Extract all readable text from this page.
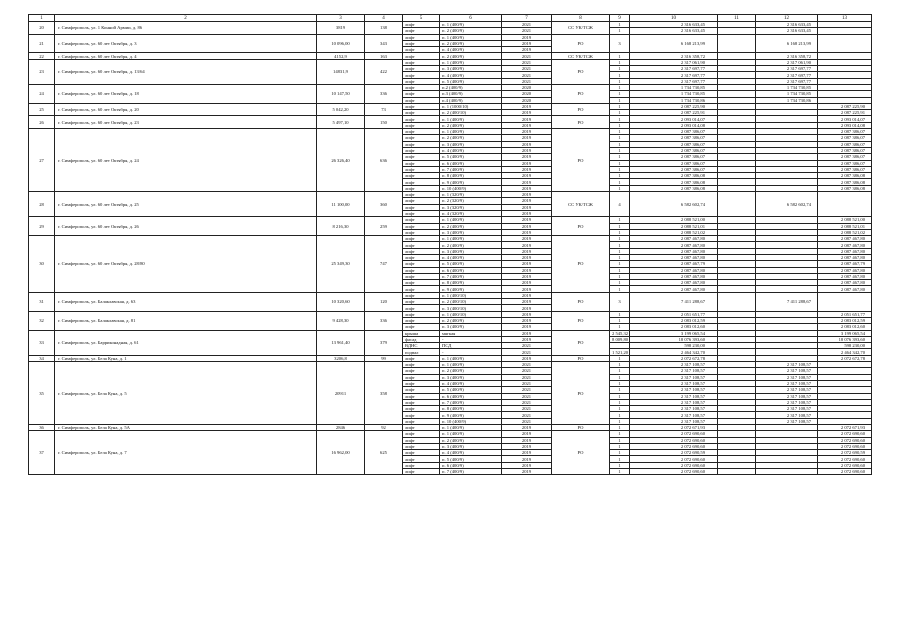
1	2	3	4	5	6	7	8	9	10	11	12	13
20	г. Симферополь, ул. 1 Конной Армии, д. 86	3819	138	лифт	п. 1 (400/9)	2021	СС УК/ТСЖ	1	2 316 633,45		2 316 633,45	
				лифт	п. 2 (400/9)	2021		1	2 316 633,45		2 316 633,45	
21	г. Симферополь, ул. 60 лет Октября, д. 3	10 096,00	343	лифт	п. 1 (400/9)	2019	РО	3	6 168 213,99		6 168 213,99	
				лифт	п. 2 (400/9)	2019						
				лифт	п. 4 (400/9)	2019						
22	г. Симферополь, ул. 60 лет Октября, д. 4	4152,9	163	лифт	п. 2 (400/9)	2021	СС УК/ТСЖ	1	2 316 358,72		2 316 358,72	
23	г. Симферополь, ул. 60 лет Октября, д. 13/64	14831,9	422	лифт	п. 1 (400/9)	2021	РО	1	2 317 061,90		2 317 061,90	
				лифт	п. 3 (400/9)	2021		1	2 317 697,77		2 317 697,77	
				лифт	п. 4 (400/9)	2021		1	2 317 697,77		2 317 697,77	
				лифт	п. 5 (400/9)	2021		1	2 317 697,77		2 317 697,77	
24	г. Симферополь, ул. 60 лет Октября, д. 18	10 147,50	336	лифт	п.2 (400/9)	2020	РО	1	1 734 730,85		1 734 730,85	
				лифт	п.3 (400/9)	2020		1	1 734 730,85		1 734 730,85	
				лифт	п.4 (400/9)	2020		1	1 734 730,86		1 734 730,86	
25	г. Симферополь, ул. 60 лет Октября, д. 20	5 042,20	73	лифт	п. 1 (1000/10)	2019	РО	1	2 087 225,90			2 087 225,90
				лифт	п. 2 (400/10)	2019		1	2 087 225,91			2 087 225,91
26	г. Симферополь, ул. 60 лет Октября, д. 23	5 497,10	150	лифт	п. 1 (400/9)	2019	РО	1	2 093 014,07			2 093 014,07
				лифт	п. 2 (400/9)	2019		1	2 093 014,08			2 093 014,08
27	г. Симферополь, ул. 60 лет Октября, д. 24	26 326,40	636	лифт	п. 1 (400/9)	2019	РО	1	2 087 386,07			2 087 386,07
				лифт	п. 2 (400/9)	2019		1	2 087 386,07			2 087 386,07
				лифт	п. 3 (400/9)	2019		1	2 087 386,07			2 087 386,07
				лифт	п. 4 (400/9)	2019		1	2 087 386,07			2 087 386,07
				лифт	п. 5 (400/9)	2019		1	2 087 386,07			2 087 386,07
				лифт	п. 6 (400/9)	2019		1	2 087 386,07			2 087 386,07
				лифт	п. 7 (400/9)	2019		1	2 087 386,07			2 087 386,07
				лифт	п. 8 (400/9)	2019		1	2 087 386,08			2 087 386,08
				лифт	п. 9 (400/9)	2019		1	2 087 386,08			2 087 386,08
				лифт	п. 10 (400/9)	2019		1	2 087 386,08			2 087 386,08
28	г. Симферополь, ул. 60 лет Октября, д. 25	11 100,00	360	лифт	п. 1 (320/9)	2019	СС УК/ТСЖ	4	6 582 602,74		6 582 602,74	
				лифт	п. 2 (320/9)	2019						
				лифт	п. 3 (320/9)	2019						
				лифт	п. 4 (320/9)	2019						
29	г. Симферополь, ул. 60 лет Октября, д. 26	8 216,30	259	лифт	п. 1 (400/9)	2019	РО	1	2 088 521,00			2 088 521,00
				лифт	п. 2 (400/9)	2019		1	2 088 521,01			2 088 521,01
				лифт	п. 3 (400/9)	2019		1	2 088 521,02			2 088 521,02
30	г. Симферополь, ул. 60 лет Октября, д. 28/80	25 349,30	747	лифт	п. 1 (400/9)	2019	РО	1	2 087 467,80			2 087 467,80
				лифт	п. 2 (400/9)	2019		1	2 087 467,80			2 087 467,80
				лифт	п. 3 (400/9)	2019		1	2 087 467,80			2 087 467,80
				лифт	п. 4 (400/9)	2019		1	2 087 467,80			2 087 467,80
				лифт	п. 5 (400/9)	2019		1	2 087 467,79			2 087 467,79
				лифт	п. 6 (400/9)	2019		1	2 087 467,80			2 087 467,80
				лифт	п. 7 (400/9)	2019		1	2 087 467,80			2 087 467,80
				лифт	п. 8 (400/9)	2019		1	2 087 467,80			2 087 467,80
				лифт	п. 9 (400/9)	2019		1	2 087 467,80			2 087 467,80
31	г. Симферополь, ул. Балаклавская, д. 63	10 320,60	120	лифт	п. 1 (400/10)	2019	РО	3	7 411 288,67		7 411 288,67	
				лифт	п. 2 (400/10)	2019						
				лифт	п. 3 (400/10)	2019						
32	г. Симферополь, ул. Балаклавская, д. 81	9 428,30	336	лифт	п. 1 (400/10)	2019	РО	1	2 051 651,77			2 051 651,77
				лифт	п. 2 (400/9)	2019		1	2 083 012,59			2 083 012,59
				лифт	п. 3 (400/9)	2019		1	2 083 012,60			2 083 012,60
33	г. Симферополь, ул. Барриконадная, д. 61	13 961,40	379	крыша	мягкая	2019	РО	2 545,32	3 199 065,54			3 199 065,54
				фасад	-	2019		8 009,80	18 076 393,60			18 076 393,60
				ВДНС	ПСД	2021			598 230,00			598 230,00
				подвал	-	2021		1 521,20	2 464 342,70			2 464 342,70
34	г. Симферополь, ул. Бела Куна, д. 1	3206,8	99	лифт	п. 1 (400/9)	2019	РО	1	2 072 672,78			2 072 672,78
35	г. Симферополь, ул. Бела Куна, д. 5	20911	358	лифт	п. 1 (400/9)	2021	РО	1	2 317 108,57		2 317 108,57	
				лифт	п. 2 (400/9)	2021		1	2 317 108,57		2 317 108,57	
				лифт	п. 3 (400/9)	2021		1	2 317 108,57		2 317 108,57	
				лифт	п. 4 (400/9)	2021		1	2 317 108,57		2 317 108,57	
				лифт	п. 5 (400/9)	2021		1	2 317 108,57		2 317 108,57	
				лифт	п. 6 (400/9)	2021		1	2 317 108,57		2 317 108,57	
				лифт	п. 7 (400/9)	2021		1	2 317 108,57		2 317 108,57	
				лифт	п. 8 (400/9)	2021		1	2 317 108,57		2 317 108,57	
				лифт	п. 9 (400/9)	2021		1	2 317 108,57		2 317 108,57	
				лифт	п. 10 (400/9)	2021		1	2 317 108,57		2 317 108,57	
36	г. Симферополь, ул. Бела Куна, д. 5А	2846	92	лифт	п. 1 (400/9)	2019	РО	1	2 072 671,93			2 072 671,93
37	г. Симферополь, ул. Бела Куна, д. 7	16 962,00	625	лифт	п. 1 (400/9)	2019	РО	1	2 072 690,60			2 072 690,60
				лифт	п. 2 (400/9)	2019		1	2 072 690,60			2 072 690,60
				лифт	п. 3 (400/9)	2019		1	2 072 690,60			2 072 690,60
				лифт	п. 4 (400/9)	2019		1	2 072 690,59			2 072 690,59
				лифт	п. 5 (400/9)	2019		1	2 072 690,60			2 072 690,60
				лифт	п. 6 (400/9)	2019		1	2 072 690,60			2 072 690,60
				лифт	п. 7 (400/9)	2019		1	2 072 690,60			2 072 690,60
